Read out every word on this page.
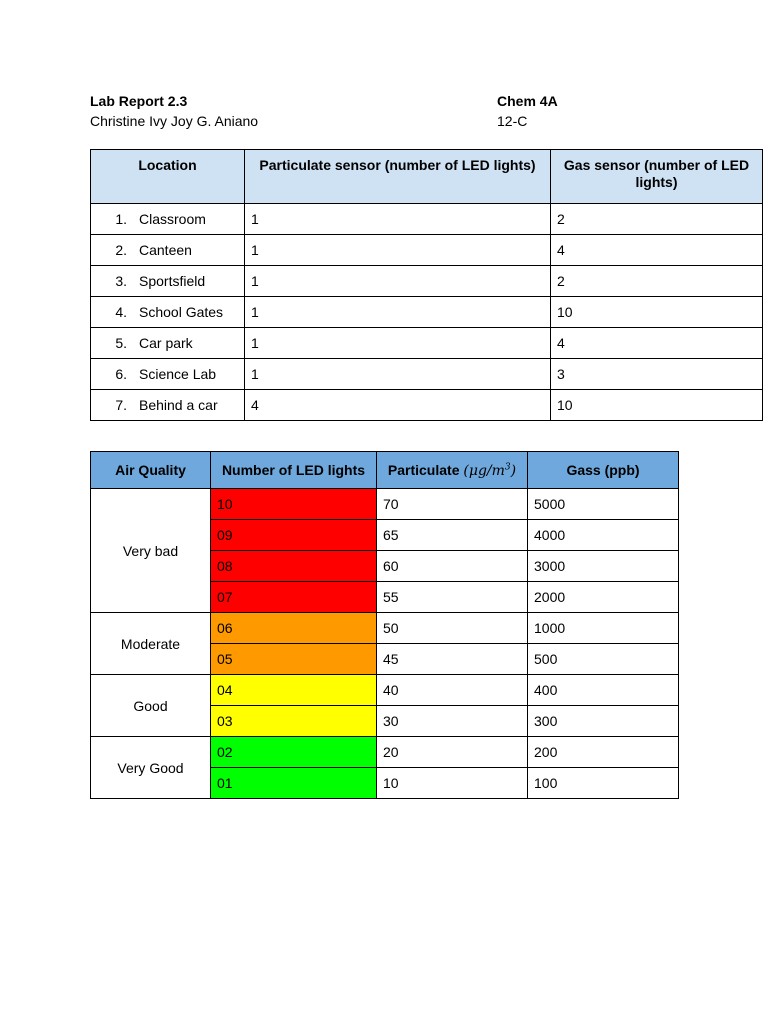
Lab Report 2.3
Christine Ivy Joy G. Aniano
Chem 4A
12-C
Location	Particulate sensor (number of LED lights)	Gas sensor (number of LED lights)
1. Classroom	1	2
2. Canteen	1	4
3. Sportsfield	1	2
4. School Gates	1	10
5. Car park	1	4
6. Science Lab	1	3
7. Behind a car	4	10
Air Quality	Number of LED lights	Particulate $(\mu g/m^3)$	Gass (ppb)
Very bad	10	70	5000
	09	65	4000
	08	60	3000
	07	55	2000
Moderate	06	50	1000
	05	45	500
Good	04	40	400
	03	30	300
Very Good	02	20	200
	01	10	100
